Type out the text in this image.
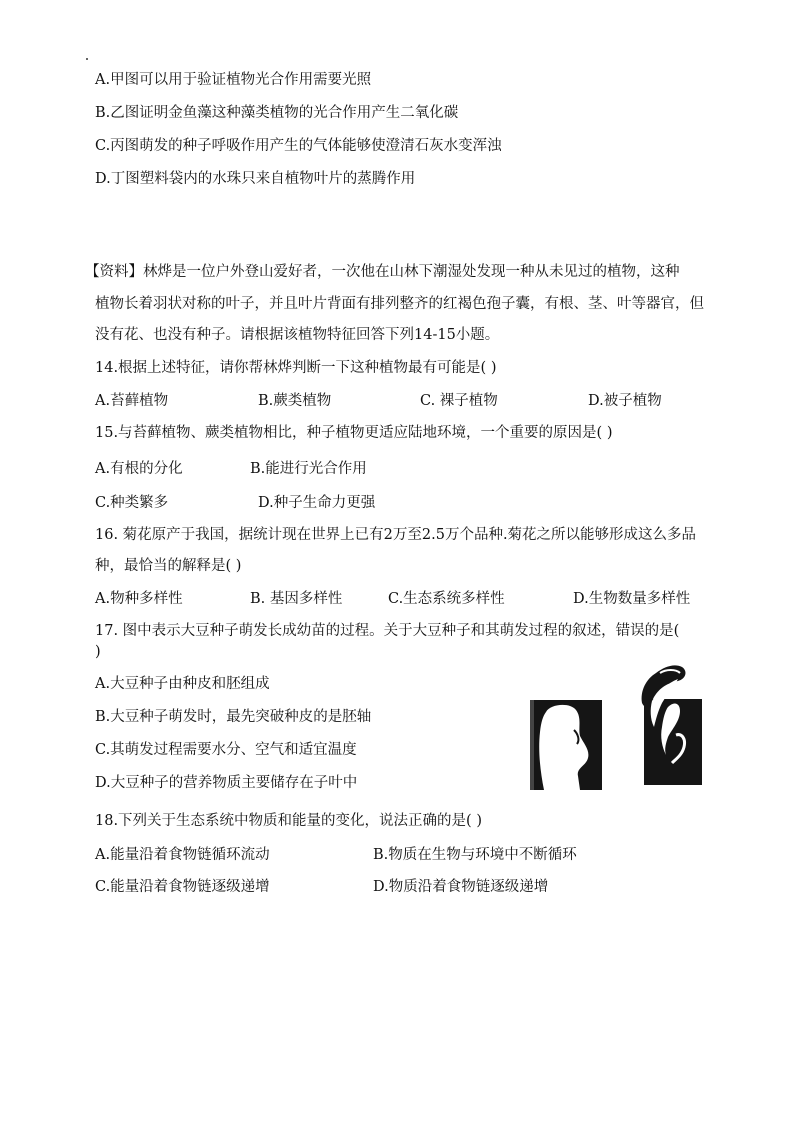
A.甲图可以用于验证植物光合作用需要光照
B.乙图证明金鱼藻这种藻类植物的光合作用产生二氧化碳
C.丙图萌发的种子呼吸作用产生的气体能够使澄清石灰水变浑浊
D.丁图塑料袋内的水珠只来自植物叶片的蒸腾作用
【资料】林烨是一位户外登山爱好者，一次他在山林下潮湿处发现一种从未见过的植物，这种
植物长着羽状对称的叶子，并且叶片背面有排列整齐的红褐色孢子囊，有根、茎、叶等器官，但
没有花、也没有种子。请根据该植物特征回答下列14-15小题。
14.根据上述特征，请你帮林烨判断一下这种植物最有可能是( )
A.苔藓植物	B.蕨类植物	C. 裸子植物	D.被子植物
15.与苔藓植物、蕨类植物相比，种子植物更适应陆地环境，一个重要的原因是( )
A.有根的分化	B.能进行光合作用
C.种类繁多	D.种子生命力更强
16. 菊花原产于我国，据统计现在世界上已有2万至2.5万个品种.菊花之所以能够形成这么多品
种，最恰当的解释是( )
A.物种多样性	B. 基因多样性	C.生态系统多样性	D.生物数量多样性
17. 图中表示大豆种子萌发长成幼苗的过程。关于大豆种子和其萌发过程的叙述，错误的是(
)
A.大豆种子由种皮和胚组成
B.大豆种子萌发时，最先突破种皮的是胚轴
C.其萌发过程需要水分、空气和适宜温度
D.大豆种子的营养物质主要储存在子叶中
18.下列关于生态系统中物质和能量的变化，说法正确的是( )
A.能量沿着食物链循环流动	B.物质在生物与环境中不断循环
C.能量沿着食物链逐级递增	D.物质沿着食物链逐级递增
